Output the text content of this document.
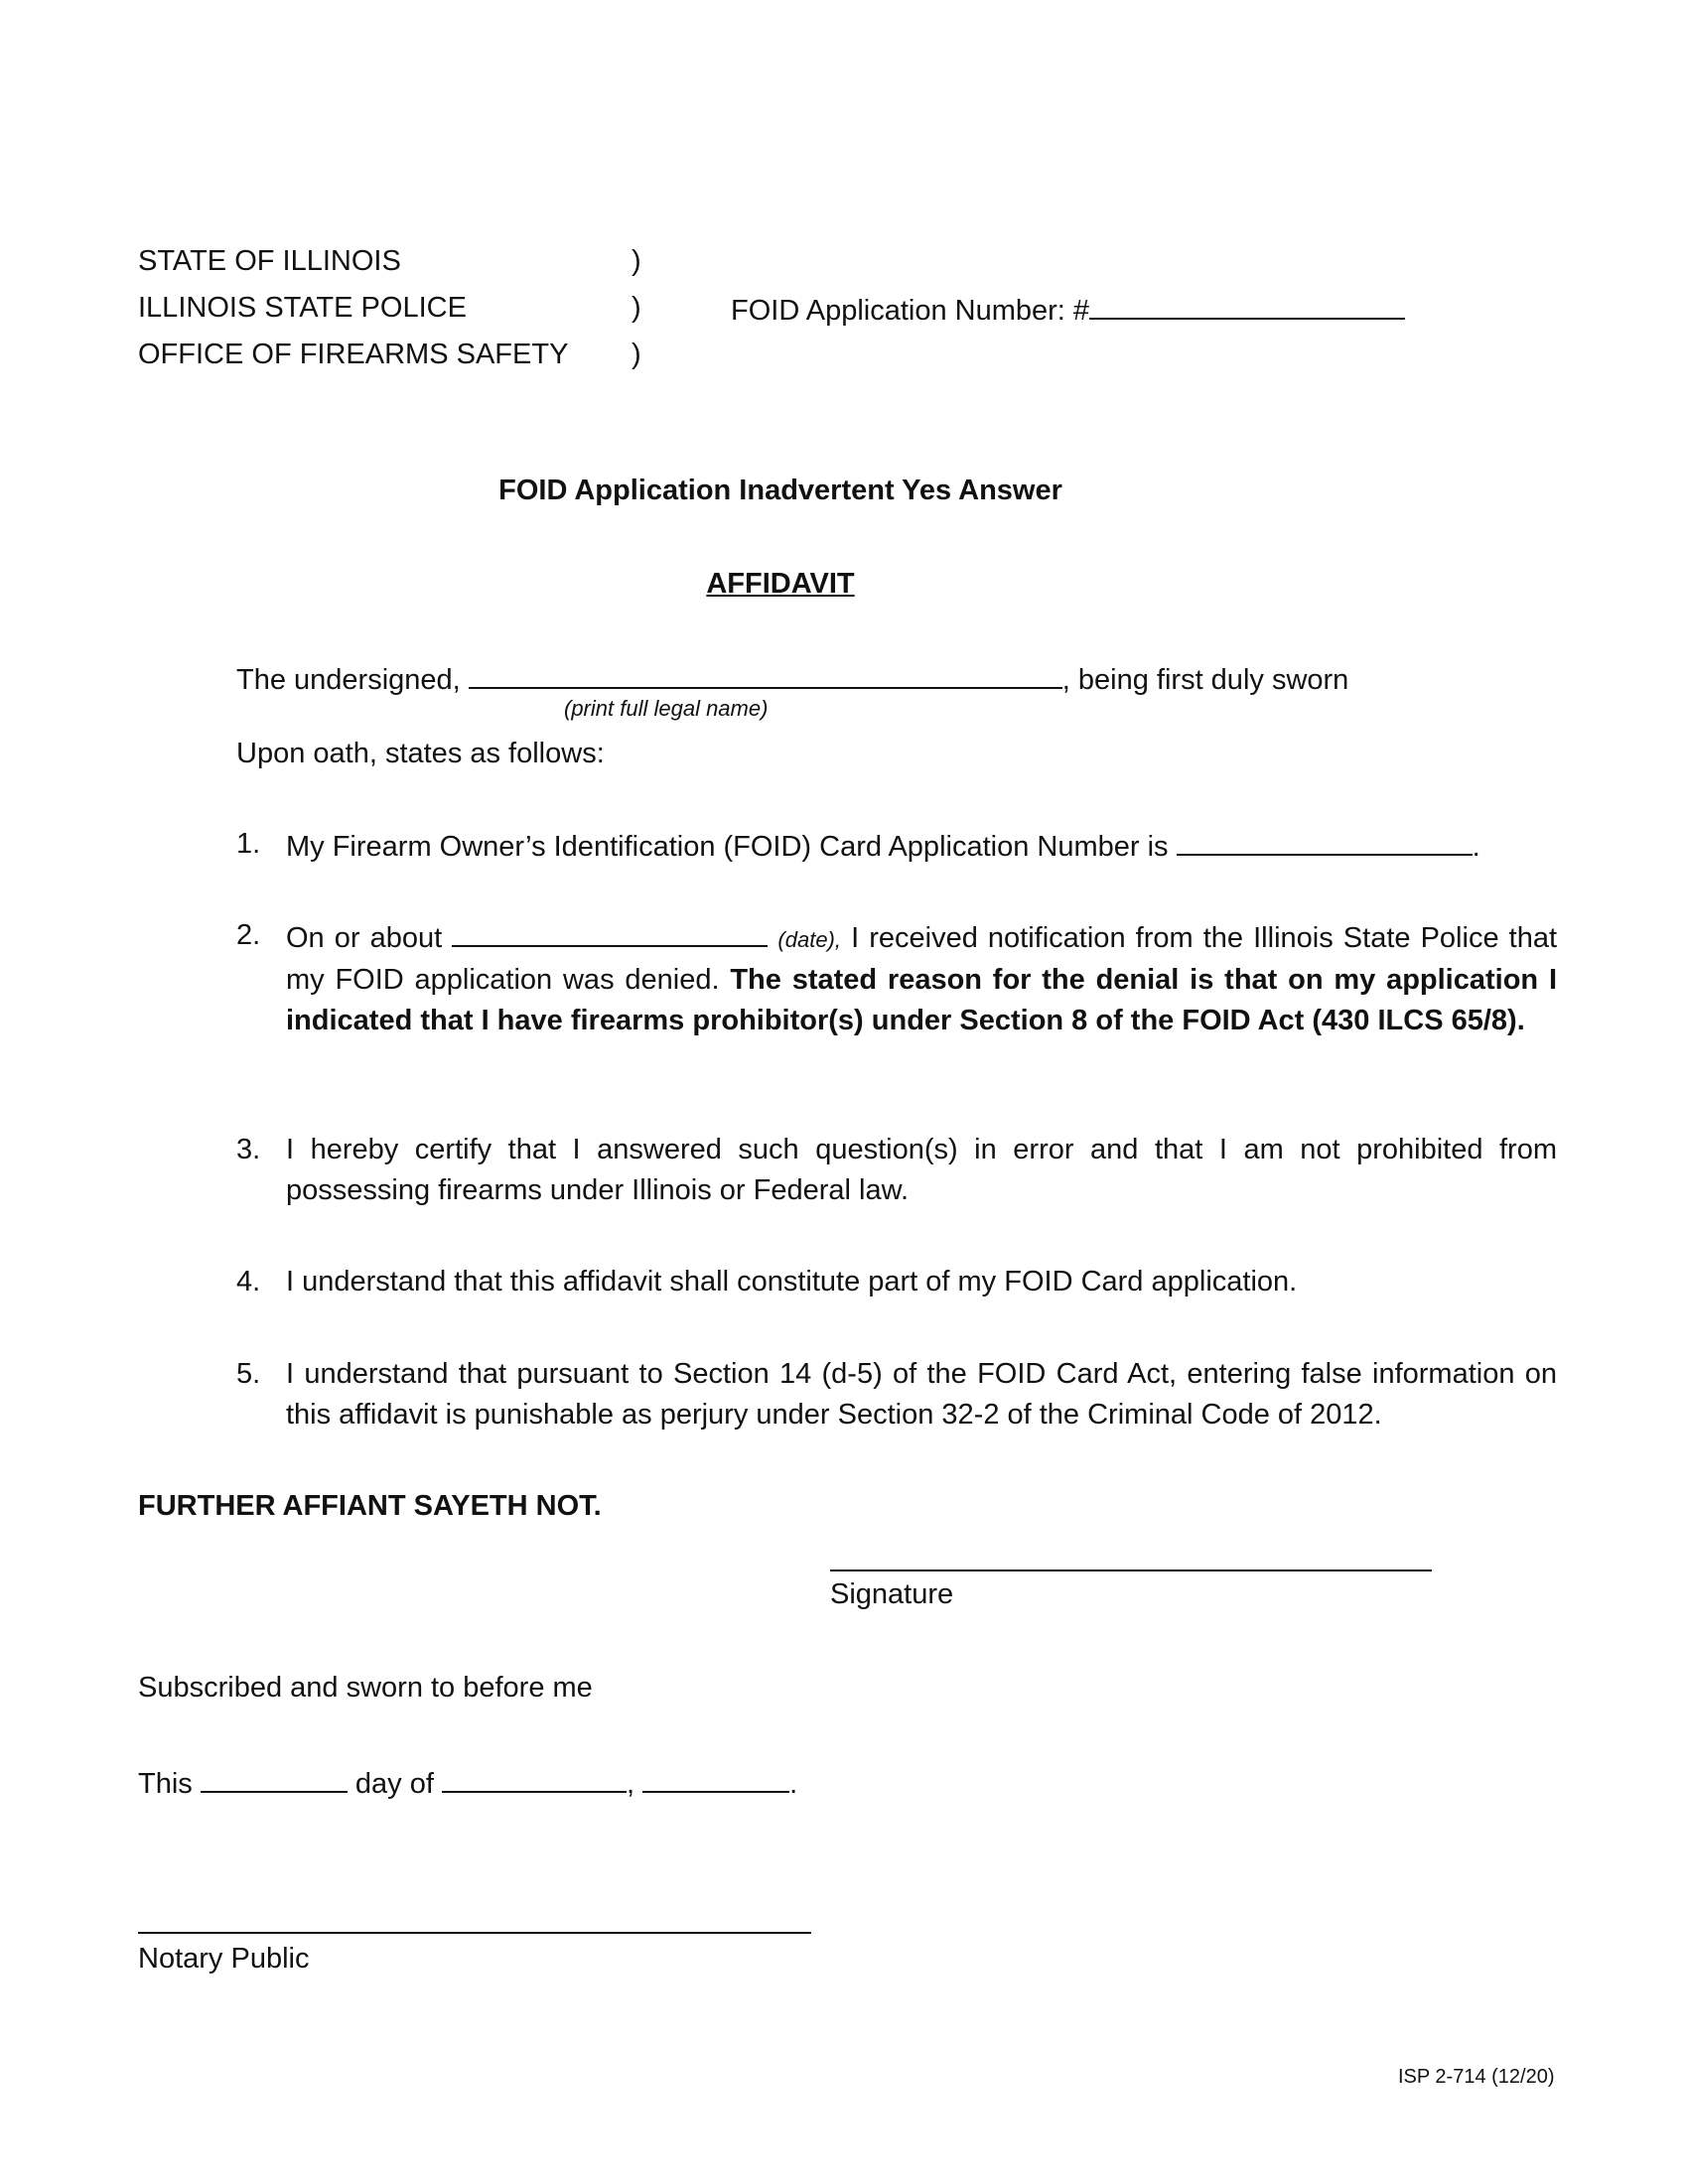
STATE OF ILLINOIS
ILLINOIS STATE POLICE
OFFICE OF FIREARMS SAFETY
)
)
)
FOID Application Number: #
FOID Application Inadvertent Yes Answer
AFFIDAVIT
The undersigned,	, being first duly sworn
(print full legal name)
Upon oath, states as follows:
1. My Firearm Owner’s Identification (FOID) Card Application Number is	.
2. On or about	(date), I received notification from the Illinois State Police that my FOID application was denied. The stated reason for the denial is that on my application I indicated that I have firearms prohibitor(s) under Section 8 of the FOID Act (430 ILCS 65/8).
3. I hereby certify that I answered such question(s) in error and that I am not prohibited from possessing firearms under Illinois or Federal law.
4. I understand that this affidavit shall constitute part of my FOID Card application.
5. I understand that pursuant to Section 14 (d-5) of the FOID Card Act, entering false information on this affidavit is punishable as perjury under Section 32-2 of the Criminal Code of 2012.
FURTHER AFFIANT SAYETH NOT.
Signature
Subscribed and sworn to before me
This	day of	,	.
Notary Public
ISP 2-714 (12/20)
